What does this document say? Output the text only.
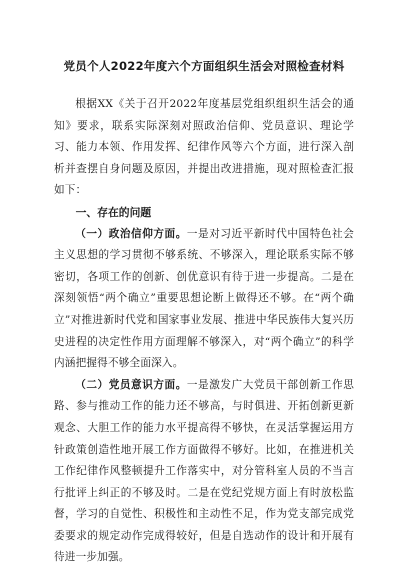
党员个人2022年度六个方面组织生活会对照检查材料

根据XX《关于召开2022年度基层党组织组织生活会的通知》要求，联系实际深刻对照政治信仰、党员意识、理论学习、能力本领、作用发挥、纪律作风等六个方面，进行深入剖析并查摆自身问题及原因，并提出改进措施，现对照检查汇报如下：

一、存在的问题

（一）政治信仰方面。一是对习近平新时代中国特色社会主义思想的学习贯彻不够系统、不够深入，理论联系实际不够密切，各项工作的创新、创优意识有待于进一步提高。二是在深刻领悟“两个确立”重要思想论断上做得还不够。在“两个确立”对推进新时代党和国家事业发展、推进中华民族伟大复兴历史进程的决定性作用方面理解不够深入，对“两个确立”的科学内涵把握得不够全面深入。

（二）党员意识方面。一是激发广大党员干部创新工作思路、参与推动工作的能力还不够高，与时俱进、开拓创新更新观念、大胆工作的能力水平提高得不够快，在灵活掌握运用方针政策创造性地开展工作方面做得不够好。比如，在推进机关工作纪律作风整顿提升工作落实中，对分管科室人员的不当言行批评上纠正的不够及时。二是在党纪党规方面上有时放松监督，学习的自觉性、积极性和主动性不足，作为党支部完成党委要求的规定动作完成得较好，但是自选动作的设计和开展有待进一步加强。
